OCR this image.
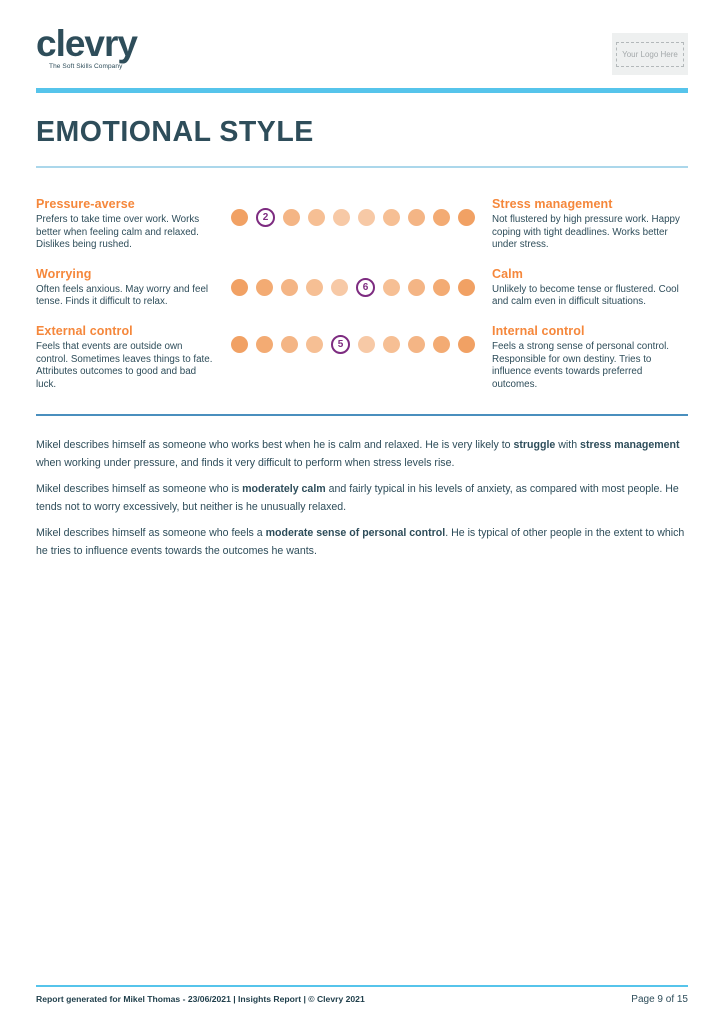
clevry
The Soft Skills Company
Your Logo Here
EMOTIONAL STYLE
Pressure-averse
Prefers to take time over work. Works better when feeling calm and relaxed. Dislikes being rushed.
2
Stress management
Not flustered by high pressure work. Happy coping with tight deadlines. Works better under stress.
Worrying
Often feels anxious. May worry and feel tense. Finds it difficult to relax.
6
Calm
Unlikely to become tense or flustered. Cool and calm even in difficult situations.
External control
Feels that events are outside own control. Sometimes leaves things to fate. Attributes outcomes to good and bad luck.
5
Internal control
Feels a strong sense of personal control. Responsible for own destiny. Tries to influence events towards preferred outcomes.

Mikel describes himself as someone who works best when he is calm and relaxed. He is very likely to struggle with stress management when working under pressure, and finds it very difficult to perform when stress levels rise.

Mikel describes himself as someone who is moderately calm and fairly typical in his levels of anxiety, as compared with most people. He tends not to worry excessively, but neither is he unusually relaxed.

Mikel describes himself as someone who feels a moderate sense of personal control. He is typical of other people in the extent to which he tries to influence events towards the outcomes he wants.

Report generated for Mikel Thomas - 23/06/2021 | Insights Report | © Clevry 2021	Page 9 of 15
